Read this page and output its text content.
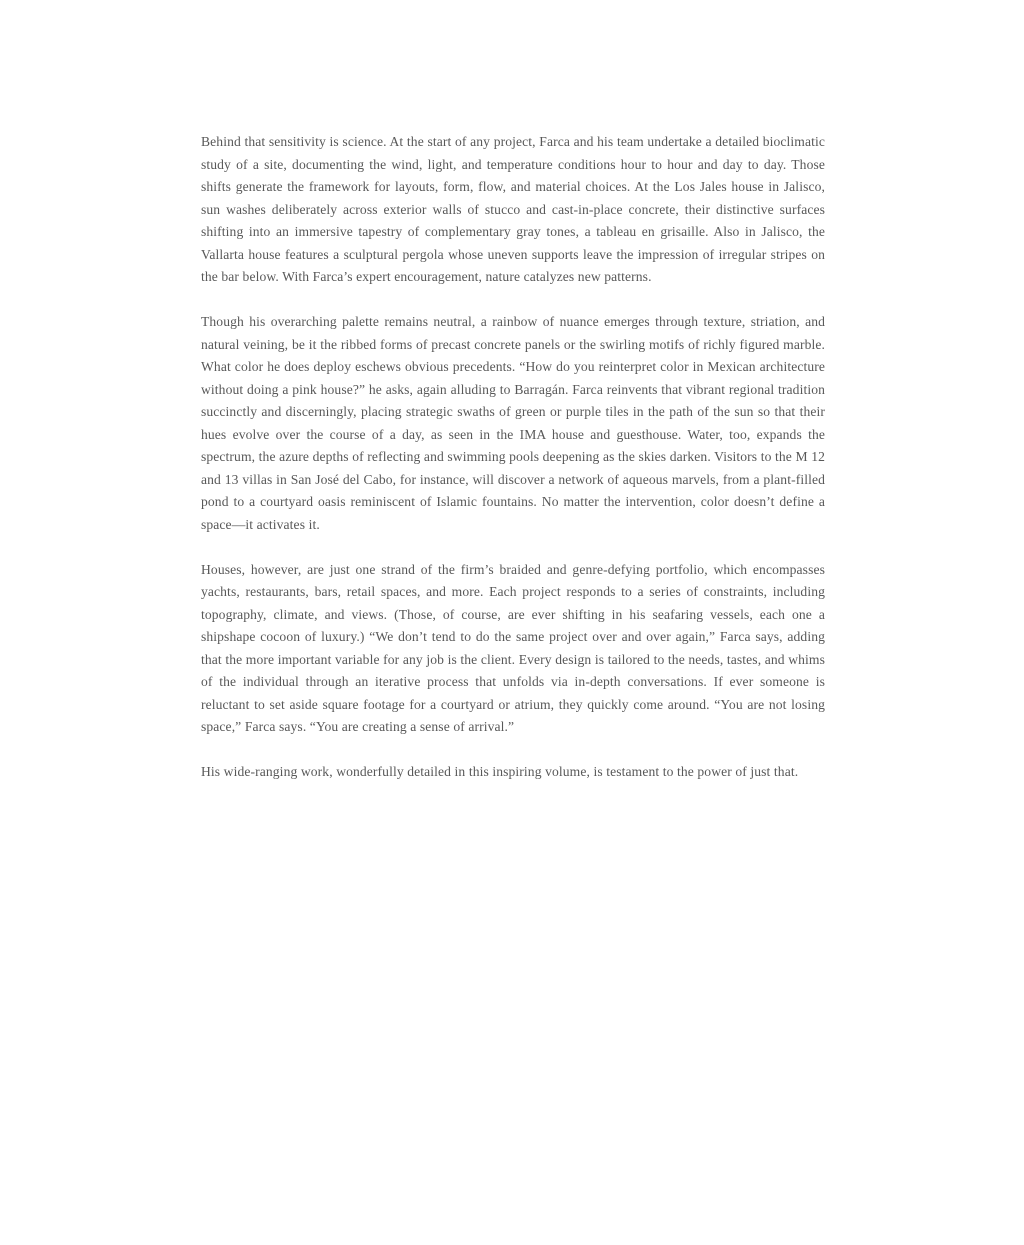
Behind that sensitivity is science. At the start of any project, Farca and his team undertake a detailed bioclimatic study of a site, documenting the wind, light, and temperature conditions hour to hour and day to day. Those shifts generate the framework for layouts, form, flow, and material choices. At the Los Jales house in Jalisco, sun washes deliberately across exterior walls of stucco and cast-in-place concrete, their distinctive surfaces shifting into an immersive tapestry of complementary gray tones, a tableau en grisaille. Also in Jalisco, the Vallarta house features a sculptural pergola whose uneven supports leave the impression of irregular stripes on the bar below. With Farca’s expert encouragement, nature catalyzes new patterns.

Though his overarching palette remains neutral, a rainbow of nuance emerges through texture, striation, and natural veining, be it the ribbed forms of precast concrete panels or the swirling motifs of richly figured marble. What color he does deploy eschews obvious precedents. “How do you reinterpret color in Mexican architecture without doing a pink house?” he asks, again alluding to Barragán. Farca reinvents that vibrant regional tradition succinctly and discerningly, placing strategic swaths of green or purple tiles in the path of the sun so that their hues evolve over the course of a day, as seen in the IMA house and guesthouse. Water, too, expands the spectrum, the azure depths of reflecting and swimming pools deepening as the skies darken. Visitors to the M 12 and 13 villas in San José del Cabo, for instance, will discover a network of aqueous marvels, from a plant-filled pond to a courtyard oasis reminiscent of Islamic fountains. No matter the intervention, color doesn’t define a space—it activates it.

Houses, however, are just one strand of the firm’s braided and genre-defying portfolio, which encompasses yachts, restaurants, bars, retail spaces, and more. Each project responds to a series of constraints, including topography, climate, and views. (Those, of course, are ever shifting in his seafaring vessels, each one a shipshape cocoon of luxury.) “We don’t tend to do the same project over and over again,” Farca says, adding that the more important variable for any job is the client. Every design is tailored to the needs, tastes, and whims of the individual through an iterative process that unfolds via in-depth conversations. If ever someone is reluctant to set aside square footage for a courtyard or atrium, they quickly come around. “You are not losing space,” Farca says. “You are creating a sense of arrival.”

His wide-ranging work, wonderfully detailed in this inspiring volume, is testament to the power of just that.
